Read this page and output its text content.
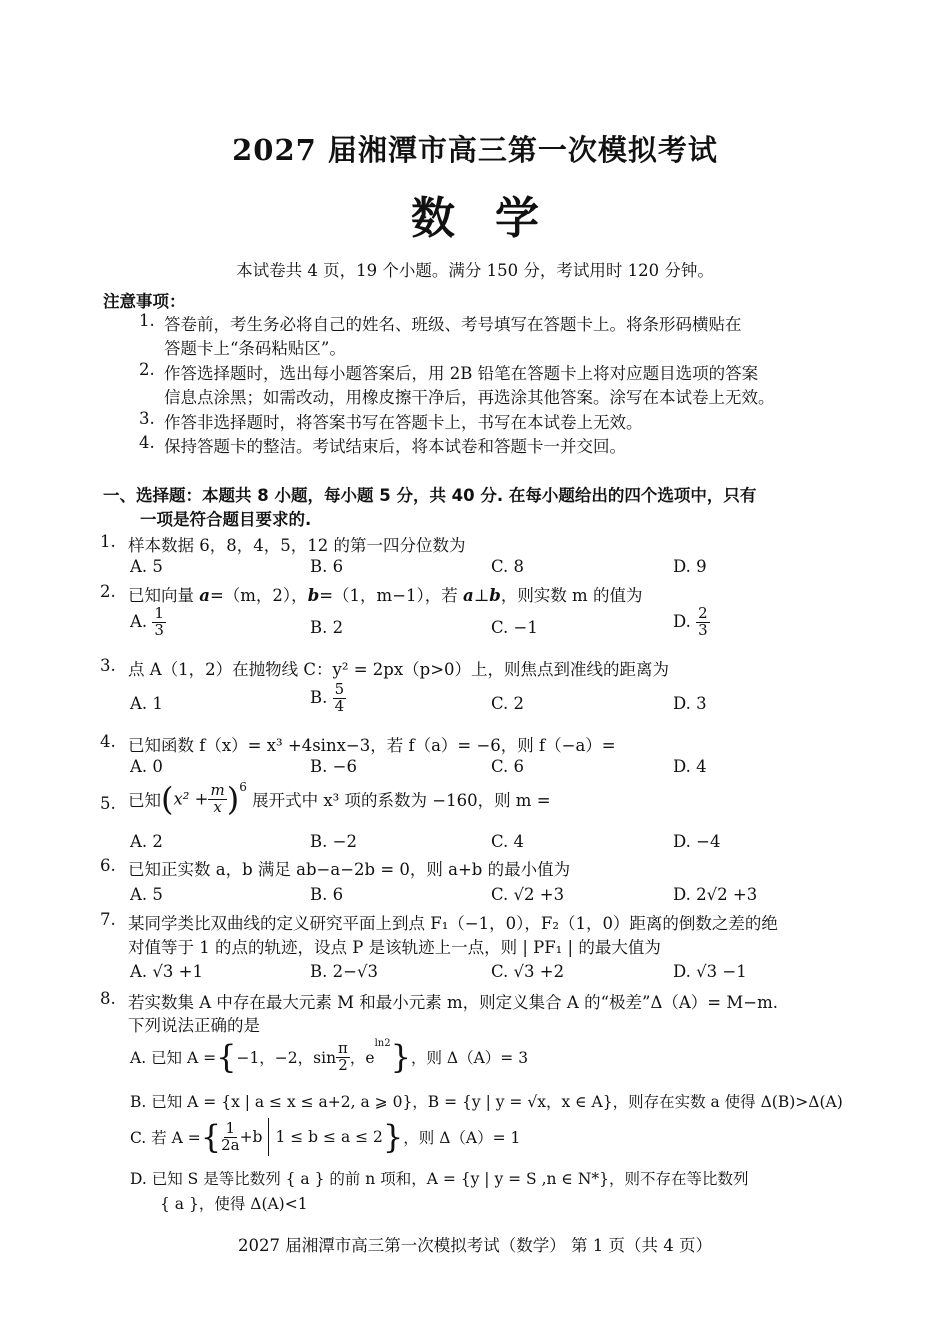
2027 届湘潭市高三第一次模拟考试
数学
本试卷共 4 页，19 个小题。满分 150 分，考试用时 120 分钟。
注意事项：
1. 答卷前，考生务必将自己的姓名、班级、考号填写在答题卡上。将条形码横贴在
答题卡上“条码粘贴区”。
2. 作答选择题时，选出每小题答案后，用 2B 铅笔在答题卡上将对应题目选项的答案
信息点涂黑；如需改动，用橡皮擦干净后，再选涂其他答案。涂写在本试卷上无效。
3. 作答非选择题时，将答案书写在答题卡上，书写在本试卷上无效。
4. 保持答题卡的整洁。考试结束后，将本试卷和答题卡一并交回。
一、选择题：本题共 8 小题，每小题 5 分，共 40 分. 在每小题给出的四个选项中，只有
一项是符合题目要求的.
1. 样本数据 6，8，4，5，12 的第一四分位数为
A. 5	B. 6	C. 8	D. 9
2. 已知向量 a=（m，2），b=（1，m−1），若 a⊥b，则实数 m 的值为
A. $\frac{1}{3}$	B. 2	C. −1	D. $\frac{2}{3}$
3. 点 A（1，2）在抛物线 C：y² = 2px（p>0）上，则焦点到准线的距离为
A. 1	B. $\frac{5}{4}$	C. 2	D. 3
4. 已知函数 f（x）= x³ +4sinx−3，若 f（a）= −6，则 f（−a）=
A. 0	B. −6	C. 6	D. 4
5. 已知$(x^2 + \frac{m}{x} )^6$ 展开式中 x³ 项的系数为 −160，则 m =
A. 2	B. −2	C. 4	D. −4
6. 已知正实数 a，b 满足 ab−a−2b = 0，则 a+b 的最小值为
A. 5	B. 6	C. √2 +3	D. 2√2 +3
7. 某同学类比双曲线的定义研究平面上到点 F₁（−1，0），F₂（1，0）距离的倒数之差的绝
对值等于 1 的点的轨迹，设点 P 是该轨迹上一点，则 | PF₁ | 的最大值为
A. √3 +1	B. 2−√3	C. √3 +2	D. √3 −1
8. 若实数集 A 中存在最大元素 M 和最小元素 m，则定义集合 A 的“极差”Δ（A）= M−m.
下列说法正确的是
A. 已知 A ={−1，−2，$\sin \frac{\pi}{2}$ ，$e^{ln2}$}，则 Δ（A）= 3
B. 已知 A = {x | a ≤ x ≤ a+2, a ⩾ 0}，B = {y | y = √x，x ∈ A}，则存在实数 a 使得 Δ(B)>Δ(A)
C. 若 A ={ $\frac{1}{2a} +b$ 1 ≤ b ≤ a ≤ 2}，则 Δ（A）= 1
D. 已知 S 是等比数列 { a } 的前 n 项和，A = {y | y = S ,n ∈ N*}，则不存在等比数列
{ a }，使得 Δ(A)<1
2027 届湘潭市高三第一次模拟考试（数学） 第 1 页（共 4 页）
